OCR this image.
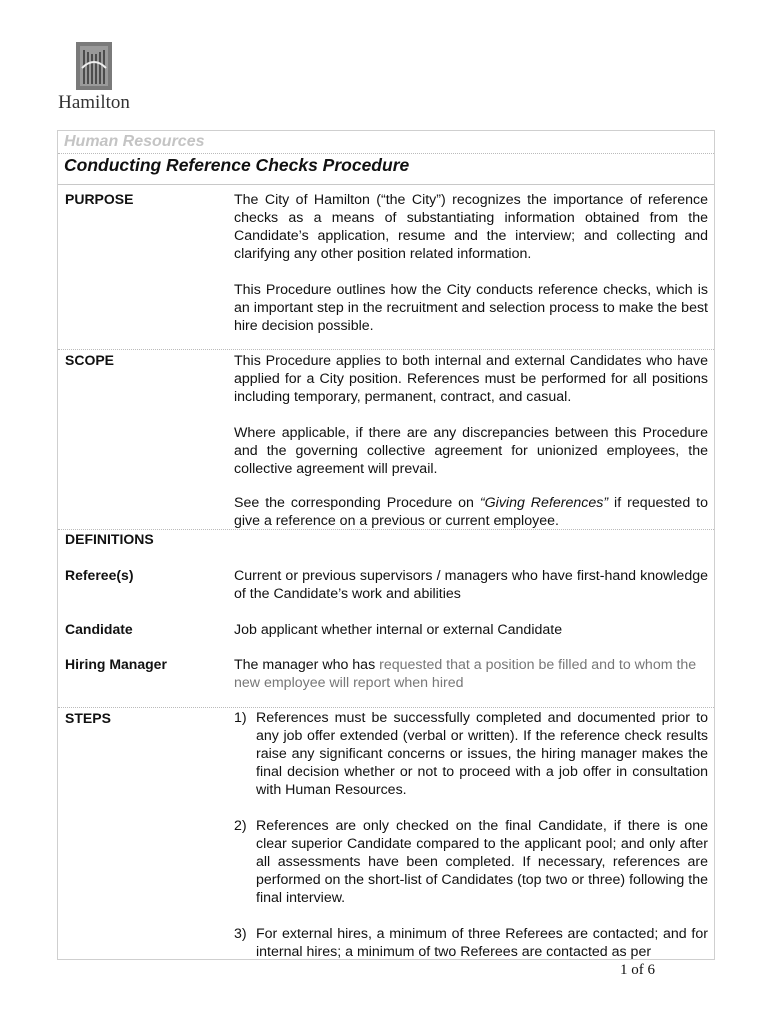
Hamilton
Human Resources
Conducting Reference Checks Procedure
PURPOSE	The City of Hamilton (“the City”) recognizes the importance of reference checks as a means of substantiating information obtained from the Candidate’s application, resume and the interview; and collecting and clarifying any other position related information.

This Procedure outlines how the City conducts reference checks, which is an important step in the recruitment and selection process to make the best hire decision possible.

SCOPE	This Procedure applies to both internal and external Candidates who have applied for a City position. References must be performed for all positions including temporary, permanent, contract, and casual.

Where applicable, if there are any discrepancies between this Procedure and the governing collective agreement for unionized employees, the collective agreement will prevail.

See the corresponding Procedure on “Giving References” if requested to give a reference on a previous or current employee.

DEFINITIONS
Referee(s)	Current or previous supervisors / managers who have first-hand knowledge of the Candidate’s work and abilities

Candidate	Job applicant whether internal or external Candidate

Hiring Manager	The manager who has requested that a position be filled and to whom the new employee will report when hired

STEPS	1) References must be successfully completed and documented prior to any job offer extended (verbal or written). If the reference check results raise any significant concerns or issues, the hiring manager makes the final decision whether or not to proceed with a job offer in consultation with Human Resources.
2) References are only checked on the final Candidate, if there is one clear superior Candidate compared to the applicant pool; and only after all assessments have been completed. If necessary, references are performed on the short-list of Candidates (top two or three) following the final interview.
3) For external hires, a minimum of three Referees are contacted; and for internal hires; a minimum of two Referees are contacted as per
1 of 6
